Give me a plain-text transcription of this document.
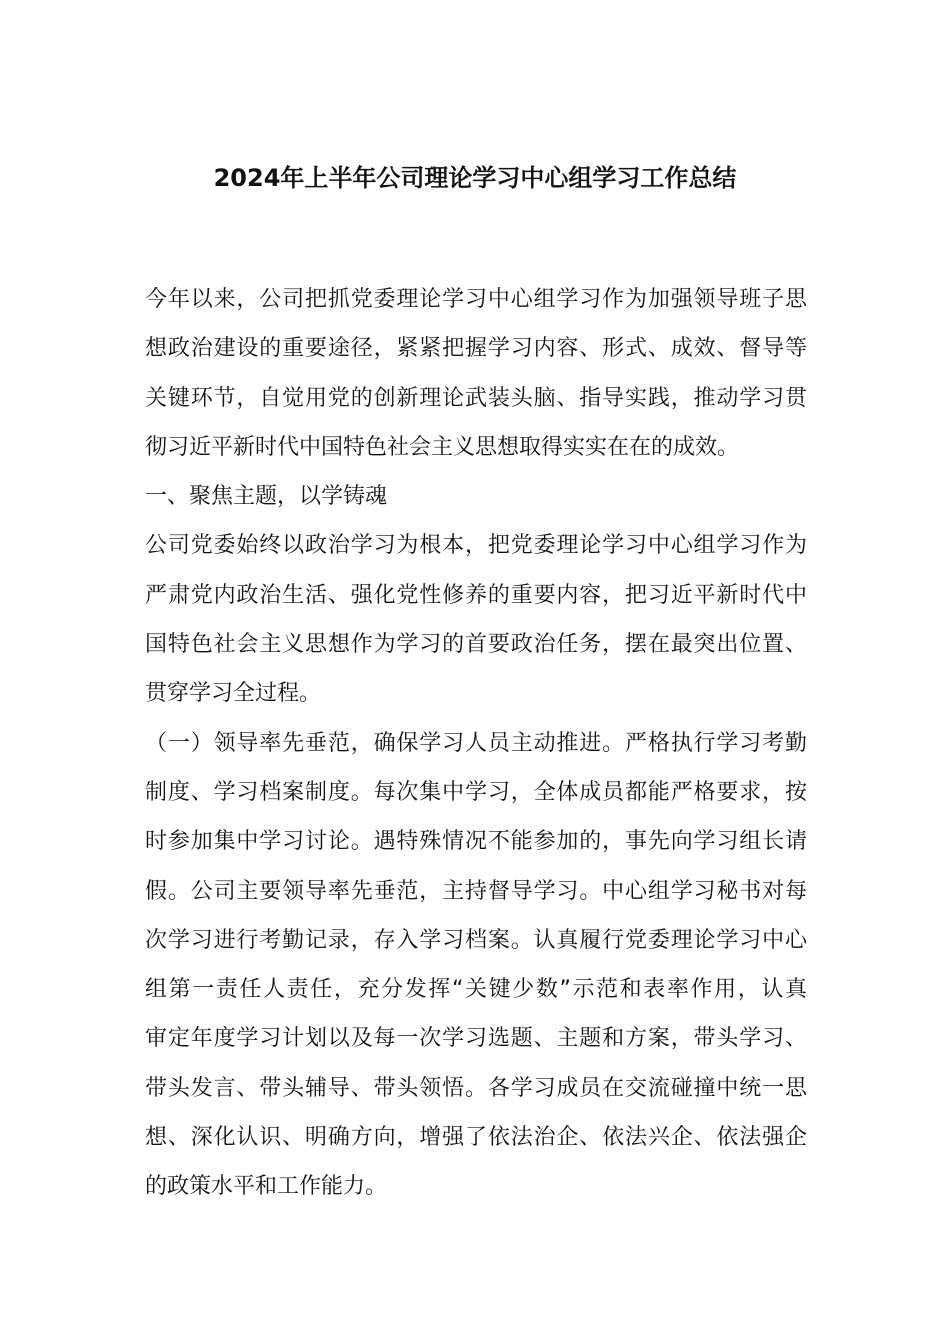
2024年上半年公司理论学习中心组学习工作总结
今年以来，公司把抓党委理论学习中心组学习作为加强领导班子思
想政治建设的重要途径，紧紧把握学习内容、形式、成效、督导等
关键环节，自觉用党的创新理论武装头脑、指导实践，推动学习贯
彻习近平新时代中国特色社会主义思想取得实实在在的成效。
一、聚焦主题，以学铸魂
公司党委始终以政治学习为根本，把党委理论学习中心组学习作为
严肃党内政治生活、强化党性修养的重要内容，把习近平新时代中
国特色社会主义思想作为学习的首要政治任务，摆在最突出位置、
贯穿学习全过程。
（一）领导率先垂范，确保学习人员主动推进。严格执行学习考勤
制度、学习档案制度。每次集中学习，全体成员都能严格要求，按
时参加集中学习讨论。遇特殊情况不能参加的，事先向学习组长请
假。公司主要领导率先垂范，主持督导学习。中心组学习秘书对每
次学习进行考勤记录，存入学习档案。认真履行党委理论学习中心
组第一责任人责任，充分发挥“关键少数”示范和表率作用，认真
审定年度学习计划以及每一次学习选题、主题和方案，带头学习、
带头发言、带头辅导、带头领悟。各学习成员在交流碰撞中统一思
想、深化认识、明确方向，增强了依法治企、依法兴企、依法强企
的政策水平和工作能力。
